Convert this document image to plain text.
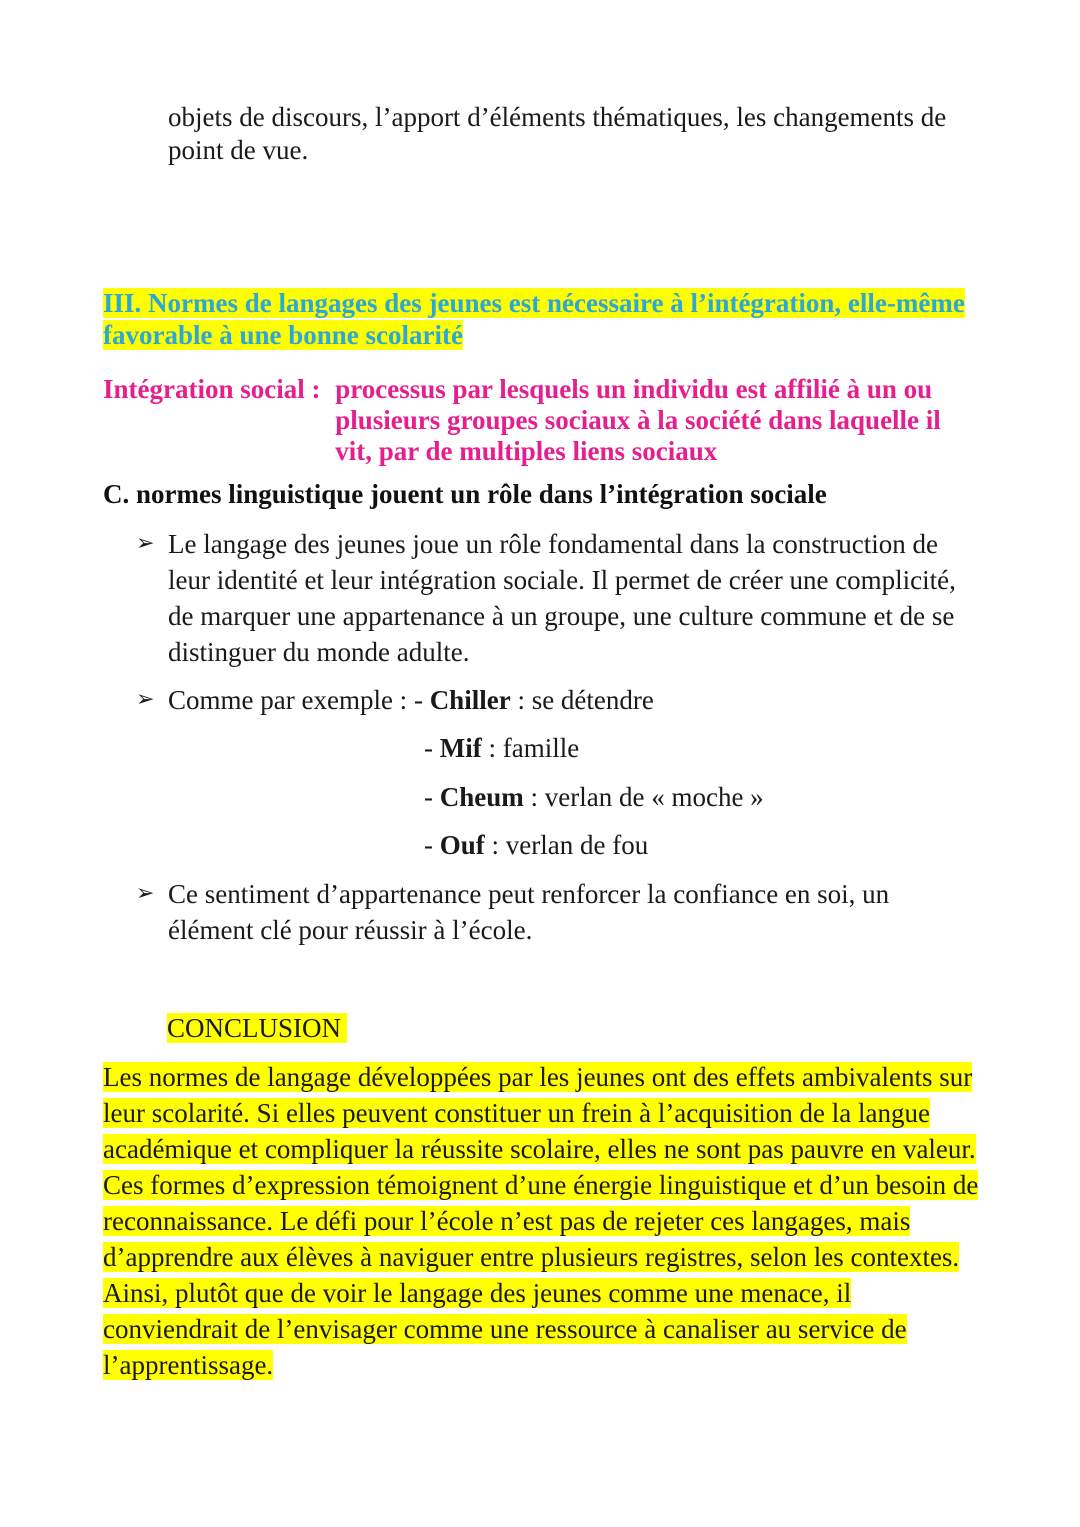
objets de discours, l’apport d’éléments thématiques, les changements de point de vue.
III. Normes de langages des jeunes est nécessaire à l’intégration, elle-même favorable à une bonne scolarité
Intégration social : processus par lesquels un individu est affilié à un ou plusieurs groupes sociaux à la société dans laquelle il vit, par de multiples liens sociaux
C. normes linguistique jouent un rôle dans l’intégration sociale
➢ Le langage des jeunes joue un rôle fondamental dans la construction de leur identité et leur intégration sociale. Il permet de créer une complicité, de marquer une appartenance à un groupe, une culture commune et de se distinguer du monde adulte.
➢ Comme par exemple : - Chiller : se détendre
- Mif : famille
- Cheum : verlan de « moche »
- Ouf : verlan de fou
➢ Ce sentiment d’appartenance peut renforcer la confiance en soi, un élément clé pour réussir à l’école.
CONCLUSION
Les normes de langage développées par les jeunes ont des effets ambivalents sur leur scolarité. Si elles peuvent constituer un frein à l’acquisition de la langue académique et compliquer la réussite scolaire, elles ne sont pas pauvre en valeur. Ces formes d’expression témoignent d’une énergie linguistique et d’un besoin de reconnaissance. Le défi pour l’école n’est pas de rejeter ces langages, mais d’apprendre aux élèves à naviguer entre plusieurs registres, selon les contextes. Ainsi, plutôt que de voir le langage des jeunes comme une menace, il conviendrait de l’envisager comme une ressource à canaliser au service de l’apprentissage.
